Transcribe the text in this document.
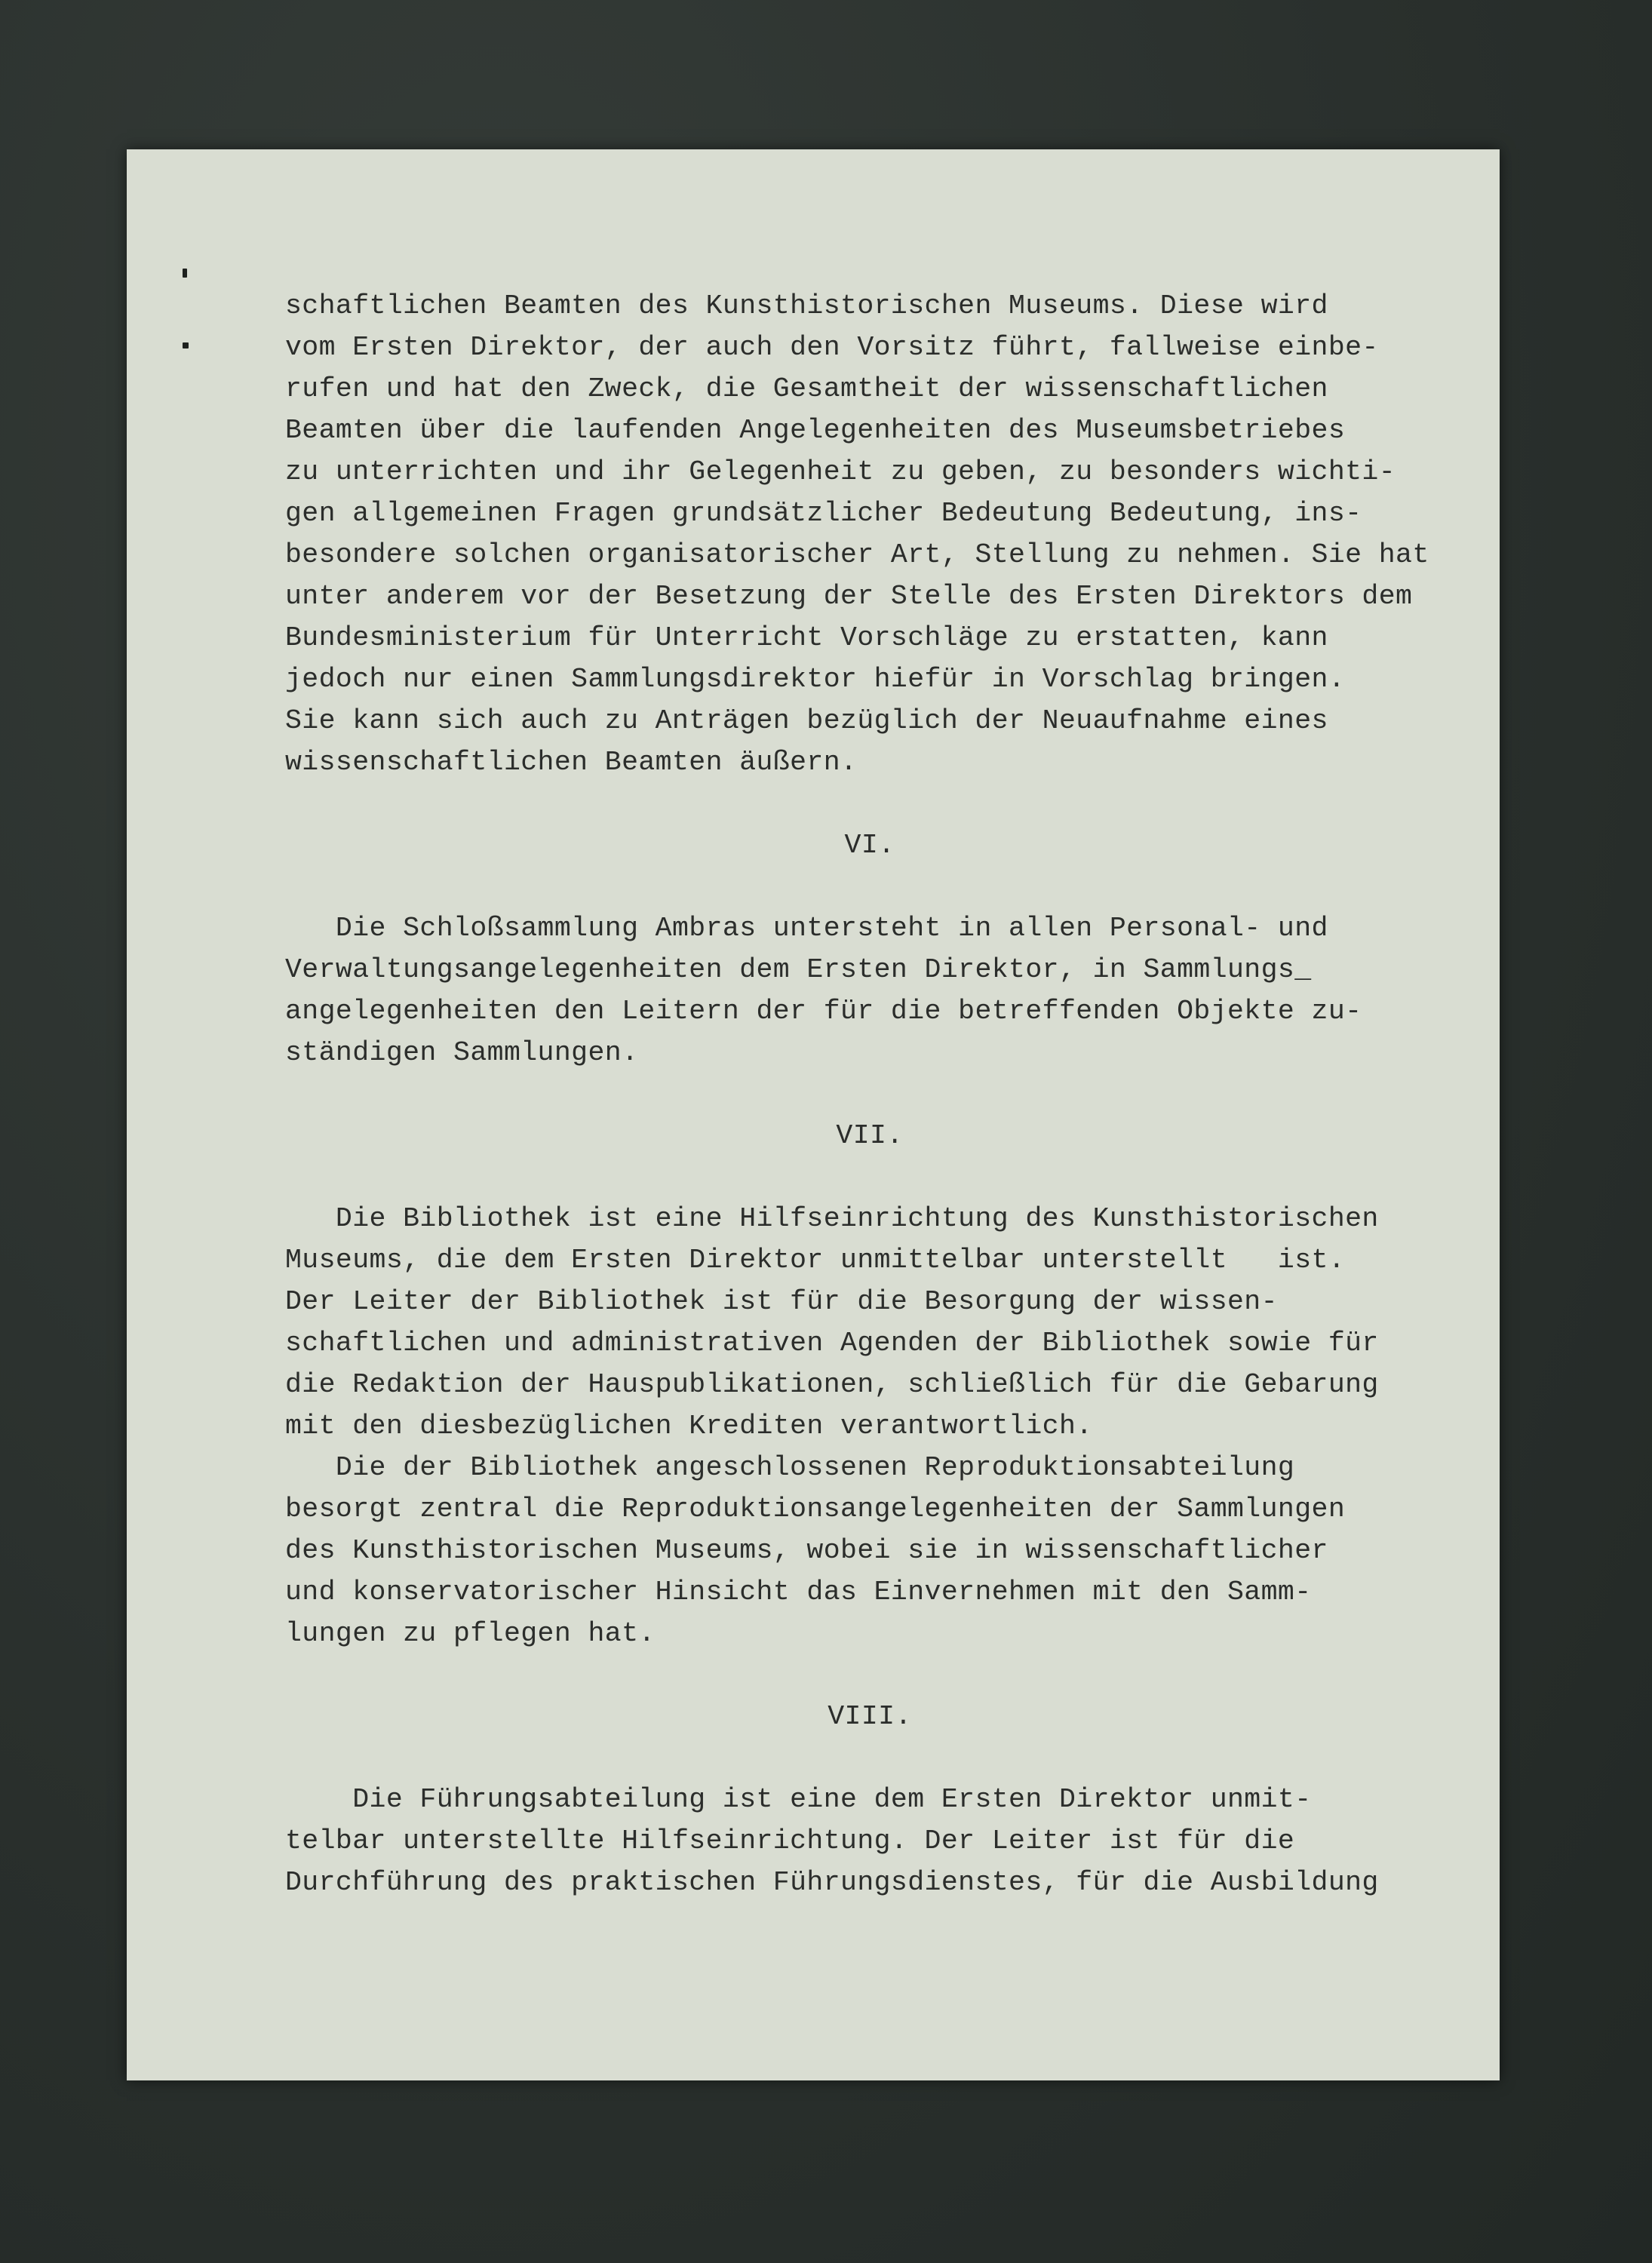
schaftlichen Beamten des Kunsthistorischen Museums. Diese wird
vom Ersten Direktor, der auch den Vorsitz führt, fallweise einbe-
rufen und hat den Zweck, die Gesamtheit der wissenschaftlichen
Beamten über die laufenden Angelegenheiten des Museumsbetriebes
zu unterrichten und ihr Gelegenheit zu geben, zu besonders wichti-
gen allgemeinen Fragen grundsätzlicher Bedeutung Bedeutung, ins-
besondere solchen organisatorischer Art, Stellung zu nehmen. Sie hat
unter anderem vor der Besetzung der Stelle des Ersten Direktors dem
Bundesministerium für Unterricht Vorschläge zu erstatten, kann
jedoch nur einen Sammlungsdirektor hiefür in Vorschlag bringen.
Sie kann sich auch zu Anträgen bezüglich der Neuaufnahme eines
wissenschaftlichen Beamten äußern.
VI.
Die Schloßsammlung Ambras untersteht in allen Personal- und
Verwaltungsangelegenheiten dem Ersten Direktor, in Sammlungs_
angelegenheiten den Leitern der für die betreffenden Objekte zu-
ständigen Sammlungen.
VII.
Die Bibliothek ist eine Hilfseinrichtung des Kunsthistorischen
Museums, die dem Ersten Direktor unmittelbar unterstellt   ist.
Der Leiter der Bibliothek ist für die Besorgung der wissen-
schaftlichen und administrativen Agenden der Bibliothek sowie für
die Redaktion der Hauspublikationen, schließlich für die Gebarung
mit den diesbezüglichen Krediten verantwortlich.
Die der Bibliothek angeschlossenen Reproduktionsabteilung
besorgt zentral die Reproduktionsangelegenheiten der Sammlungen
des Kunsthistorischen Museums, wobei sie in wissenschaftlicher
und konservatorischer Hinsicht das Einvernehmen mit den Samm-
lungen zu pflegen hat.
VIII.
Die Führungsabteilung ist eine dem Ersten Direktor unmit-
telbar unterstellte Hilfseinrichtung. Der Leiter ist für die
Durchführung des praktischen Führungsdienstes, für die Ausbildung
